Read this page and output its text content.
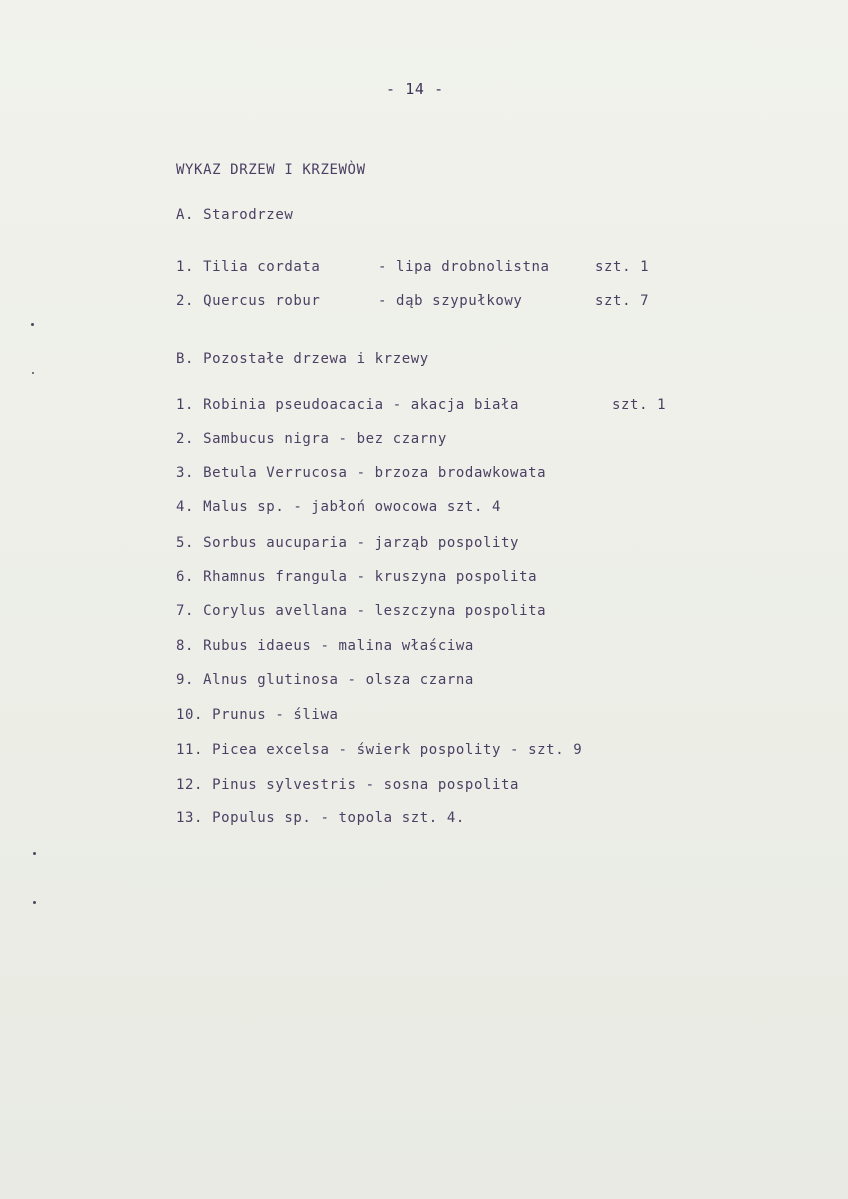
- 14 -
WYKAZ DRZEW I KRZEWÒW
A. Starodrzew
1. Tilia cordata	- lipa drobnolistna	szt. 1
2. Quercus robur	- dąb szypułkowy	szt. 7
B. Pozostałe drzewa i krzewy
1. Robinia pseudoacacia - akacja biała	szt. 1
2. Sambucus nigra - bez czarny
3. Betula Verrucosa - brzoza brodawkowata
4. Malus sp. - jabłoń owocowa szt. 4
5. Sorbus aucuparia - jarząb pospolity
6. Rhamnus frangula - kruszyna pospolita
7. Corylus avellana - leszczyna pospolita
8. Rubus idaeus - malina właściwa
9. Alnus glutinosa - olsza czarna
10. Prunus - śliwa
11. Picea excelsa - świerk pospolity - szt. 9
12. Pinus sylvestris - sosna pospolita
13. Populus sp. - topola szt. 4.
